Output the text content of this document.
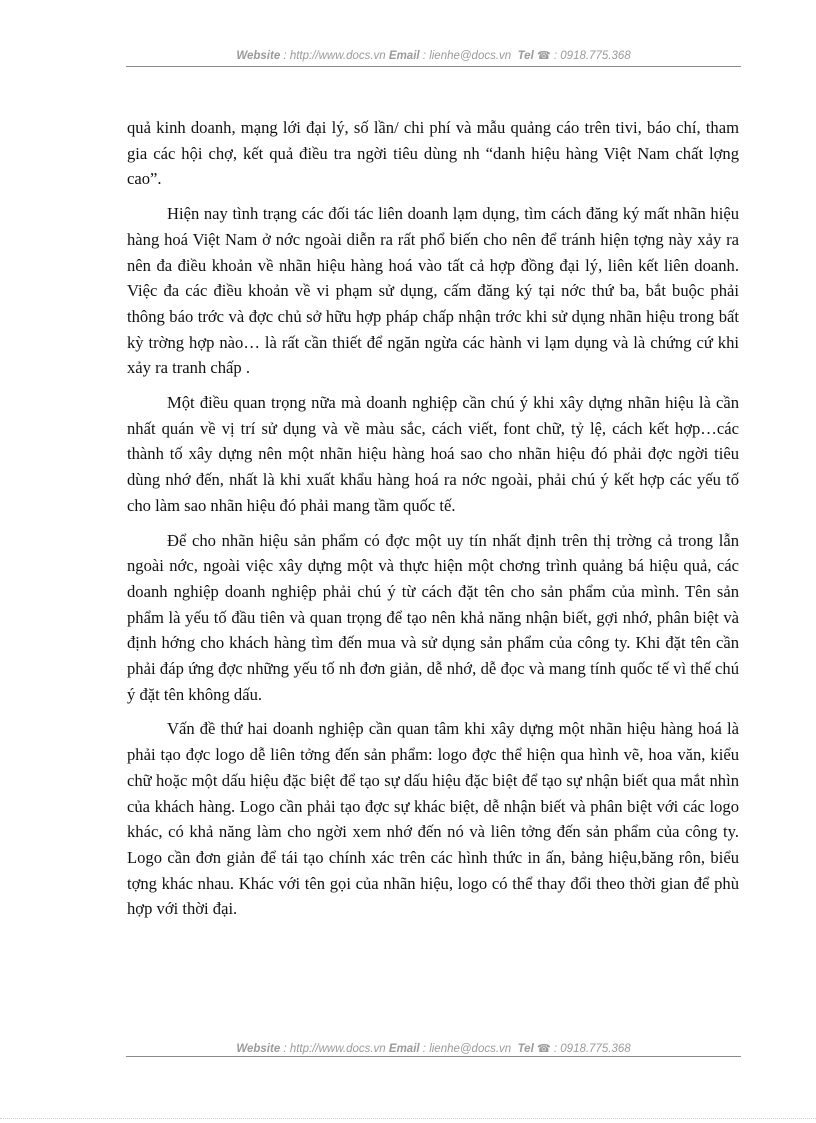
Website : http://www.docs.vn Email : lienhe@docs.vn Tel ☎ : 0918.775.368

quả kinh doanh, mạng lới đại lý, số lần/ chi phí và mẫu quảng cáo trên tivi, báo chí, tham gia các hội chợ, kết quả điều tra ngời tiêu dùng nh “danh hiệu hàng Việt Nam chất lợng cao”.

Hiện nay tình trạng các đối tác liên doanh lạm dụng, tìm cách đăng ký mất nhãn hiệu hàng hoá Việt Nam ở nớc ngoài diễn ra rất phổ biến cho nên để tránh hiện tợng này xảy ra nên đa điều khoản về nhãn hiệu hàng hoá vào tất cả hợp đồng đại lý, liên kết liên doanh. Việc đa các điều khoản về vi phạm sử dụng, cấm đăng ký tại nớc thứ ba, bắt buộc phải thông báo trớc và đợc chủ sở hữu hợp pháp chấp nhận trớc khi sử dụng nhãn hiệu trong bất kỳ trờng hợp nào… là rất cần thiết để ngăn ngừa các hành vi lạm dụng và là chứng cứ khi xảy ra tranh chấp .

Một điều quan trọng nữa mà doanh nghiệp cần chú ý khi xây dựng nhãn hiệu là cần nhất quán về vị trí sử dụng và về màu sắc, cách viết, font chữ, tỷ lệ, cách kết hợp…các thành tố xây dựng nên một nhãn hiệu hàng hoá sao cho nhãn hiệu đó phải đợc ngời tiêu dùng nhớ đến, nhất là khi xuất khẩu hàng hoá ra nớc ngoài, phải chú ý kết hợp các yếu tố cho làm sao nhãn hiệu đó phải mang tầm quốc tế.

Để cho nhãn hiệu sản phẩm có đợc một uy tín nhất định trên thị trờng cả trong lẫn ngoài nớc, ngoài việc xây dựng một và thực hiện một chơng trình quảng bá hiệu quả, các doanh nghiệp doanh nghiệp phải chú ý từ cách đặt tên cho sản phẩm của mình. Tên sản phẩm là yếu tố đầu tiên và quan trọng để tạo nên khả năng nhận biết, gợi nhớ, phân biệt và định hớng cho khách hàng tìm đến mua và sử dụng sản phẩm của công ty. Khi đặt tên cần phải đáp ứng đợc những yếu tố nh đơn giản, dễ nhớ, dễ đọc và mang tính quốc tế vì thế chú ý đặt tên không dấu.

Vấn đề thứ hai doanh nghiệp cần quan tâm khi xây dựng một nhãn hiệu hàng hoá là phải tạo đợc logo dễ liên tởng đến sản phẩm: logo đợc thể hiện qua hình vẽ, hoa văn, kiểu chữ hoặc một dấu hiệu đặc biệt để tạo sự dấu hiệu đặc biệt để tạo sự nhận biết qua mắt nhìn của khách hàng. Logo cần phải tạo đợc sự khác biệt, dễ nhận biết và phân biệt với các logo khác, có khả năng làm cho ngời xem nhớ đến nó và liên tởng đến sản phẩm của công ty. Logo cần đơn giản để tái tạo chính xác trên các hình thức in ấn, bảng hiệu,băng rôn, biểu tợng khác nhau. Khác với tên gọi của nhãn hiệu, logo có thể thay đổi theo thời gian để phù hợp với thời đại.

Website : http://www.docs.vn Email : lienhe@docs.vn Tel ☎ : 0918.775.368
